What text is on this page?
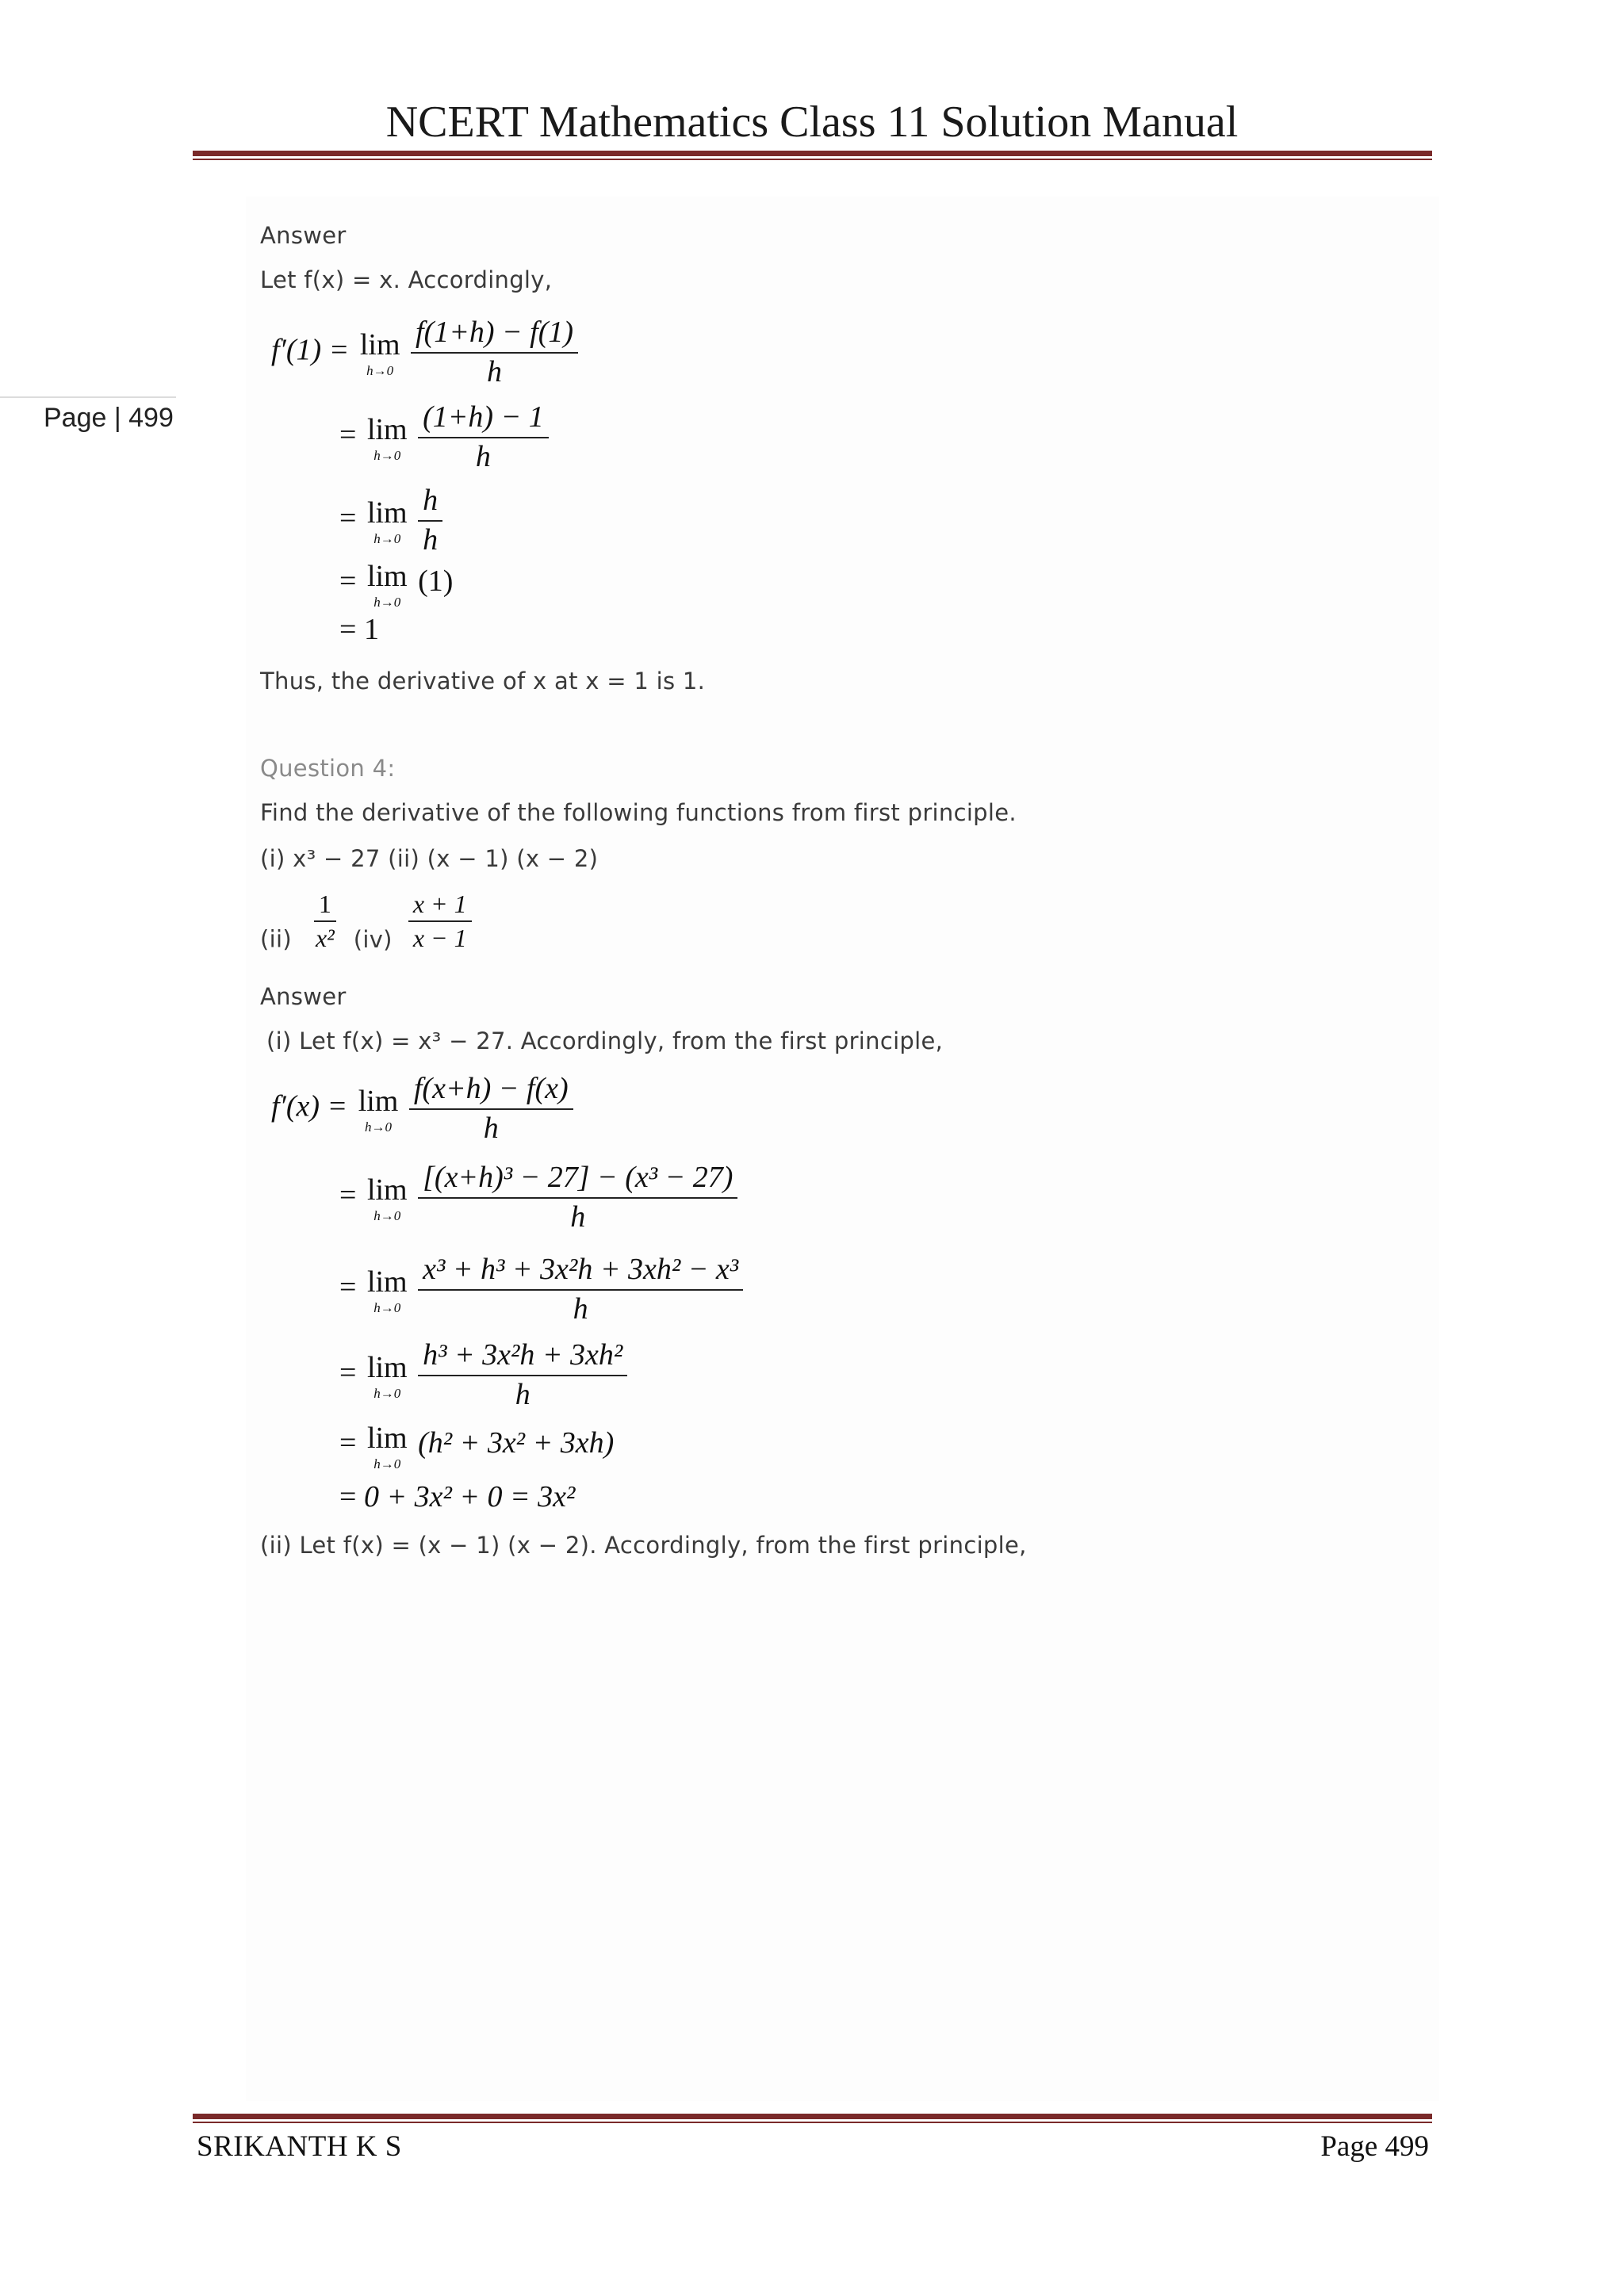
NCERT Mathematics Class 11 Solution Manual
Page | 499
Answer
Let f(x) = x. Accordingly,
f′(1) = lim
h→0
$\frac{f(1+h) - f(1)}{h}$
= lim
h→0
$\frac{(1+h) - 1}{h}$
= lim
h→0
$\frac{h}{h}$
= lim
h→0
(1)
= 1
Thus, the derivative of x at x = 1 is 1.
Question 4:
Find the derivative of the following functions from first principle.
(i) x³ − 27 (ii) (x − 1) (x − 2)
$(ii) \frac{1}{\text{x²}} (iv) \frac{x + 1}{x - 1}$
Answer
(i) Let f(x) = x³ − 27. Accordingly, from the first principle,
f′(x) = lim
h→0
$\frac{f(x+h) - f(x)}{h}$
= lim
h→0
$\frac{\text{[(x+h)³ − 27] − (x³ − 27)}}{h}$
= lim
h→0
$\frac{\text{x³ + h³ + 3x²h + 3xh² − x³}}{h}$
= lim
h→0
$\frac{\text{h³ + 3x²h + 3xh²}}{h}$
= lim
h→0
(h² + 3x² + 3xh)
= 0 + 3x² + 0 = 3x²
(ii) Let f(x) = (x − 1) (x − 2). Accordingly, from the first principle,
SRIKANTH K S	Page 499
